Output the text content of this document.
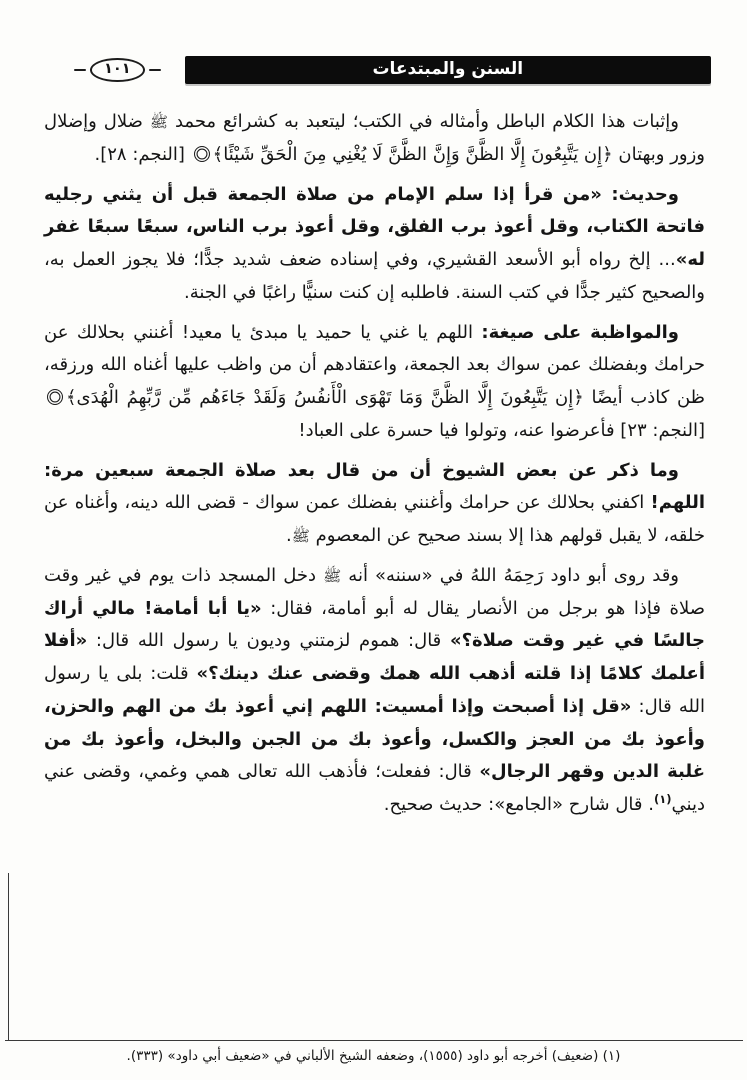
السنن والمبتدعات
١٠١

وإثبات هذا الكلام الباطل وأمثاله في الكتب؛ ليتعبد به كشرائع محمد ﷺ ضلال وإضلال وزور وبهتان ﴿إِن يَتَّبِعُونَ إِلَّا الظَّنَّ وَإِنَّ الظَّنَّ لَا يُغْنِي مِنَ الْحَقِّ شَيْئًا﴾ [النجم: ٢٨].

وحديث: «من قرأ إذا سلم الإمام من صلاة الجمعة قبل أن يثني رجليه فاتحة الكتاب، وقل أعوذ برب الفلق، وقل أعوذ برب الناس، سبعًا سبعًا غفر له»... إلخ رواه أبو الأسعد القشيري، وفي إسناده ضعف شديد جدًّا؛ فلا يجوز العمل به، والصحيح كثير جدًّا في كتب السنة. فاطلبه إن كنت سنيًّا راغبًا في الجنة.

والمواظبة على صيغة: اللهم يا غني يا حميد يا مبدئ يا معيد! أغنني بحلالك عن حرامك وبفضلك عمن سواك بعد الجمعة، واعتقادهم أن من واظب عليها أغناه الله ورزقه، ظن كاذب أيضًا ﴿إِن يَتَّبِعُونَ إِلَّا الظَّنَّ وَمَا تَهْوَى الْأَنفُسُ وَلَقَدْ جَاءَهُم مِّن رَّبِّهِمُ الْهُدَى﴾ [النجم: ٢٣] فأعرضوا عنه، وتولوا فيا حسرة على العباد!

وما ذكر عن بعض الشيوخ أن من قال بعد صلاة الجمعة سبعين مرة: اللهم! اكفني بحلالك عن حرامك وأغنني بفضلك عمن سواك - قضى الله دينه، وأغناه عن خلقه، لا يقبل قولهم هذا إلا بسند صحيح عن المعصوم ﷺ.

وقد روى أبو داود رَحِمَهُ اللهُ في «سننه» أنه ﷺ دخل المسجد ذات يوم في غير وقت صلاة فإذا هو برجل من الأنصار يقال له أبو أمامة، فقال: «يا أبا أمامة! مالي أراك جالسًا في غير وقت صلاة؟» قال: هموم لزمتني وديون يا رسول الله قال: «أفلا أعلمك كلامًا إذا قلته أذهب الله همك وقضى عنك دينك؟» قلت: بلى يا رسول الله قال: «قل إذا أصبحت وإذا أمسيت: اللهم إني أعوذ بك من الهم والحزن، وأعوذ بك من العجز والكسل، وأعوذ بك من الجبن والبخل، وأعوذ بك من غلبة الدين وقهر الرجال» قال: ففعلت؛ فأذهب الله تعالى همي وغمي، وقضى عني ديني$^{(١)}$. قال شارح «الجامع»: حديث صحيح.

(١) (ضعيف) أخرجه أبو داود (١٥٥٥)، وضعفه الشيخ الألباني في «ضعيف أبي داود» (٣٣٣).
